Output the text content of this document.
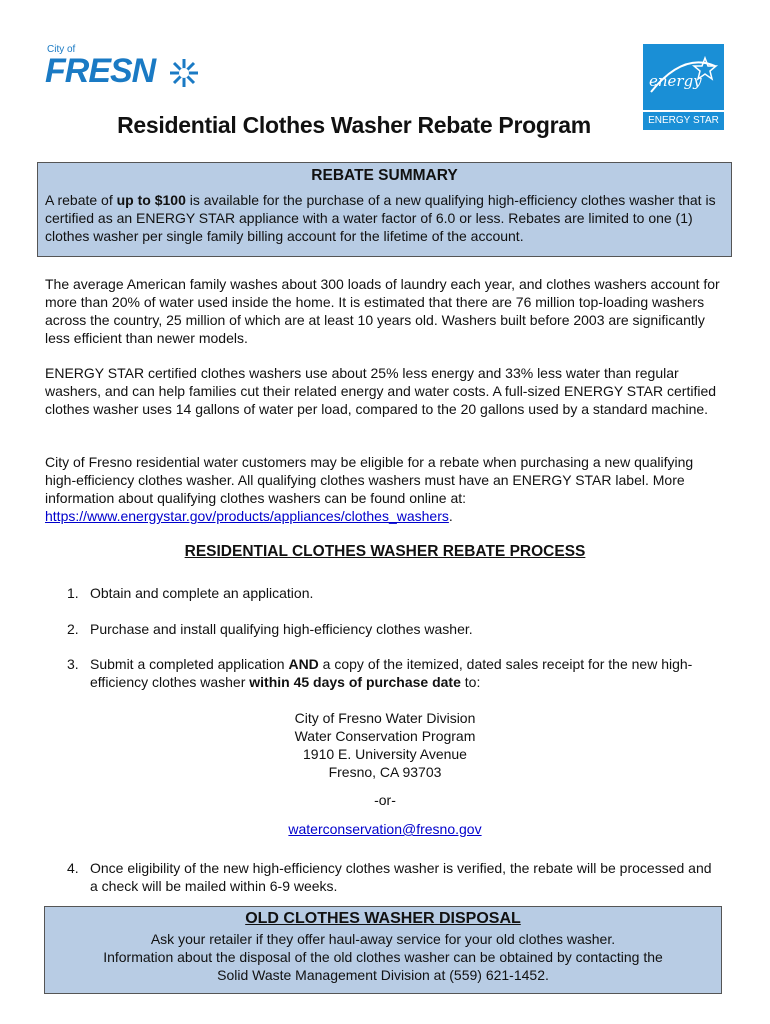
City of
FRESN	energy
ENERGY STAR
Residential Clothes Washer Rebate Program
REBATE SUMMARY

A rebate of up to $100 is available for the purchase of a new qualifying high-efficiency clothes washer that is certified as an ENERGY STAR appliance with a water factor of 6.0 or less. Rebates are limited to one (1) clothes washer per single family billing account for the lifetime of the account.

The average American family washes about 300 loads of laundry each year, and clothes washers account for more than 20% of water used inside the home. It is estimated that there are 76 million top-loading washers across the country, 25 million of which are at least 10 years old. Washers built before 2003 are significantly less efficient than newer models.

ENERGY STAR certified clothes washers use about 25% less energy and 33% less water than regular washers, and can help families cut their related energy and water costs. A full-sized ENERGY STAR certified clothes washer uses 14 gallons of water per load, compared to the 20 gallons used by a standard machine.

City of Fresno residential water customers may be eligible for a rebate when purchasing a new qualifying high-efficiency clothes washer. All qualifying clothes washers must have an ENERGY STAR label. More information about qualifying clothes washers can be found online at: https://www.energystar.gov/products/appliances/clothes_washers.

RESIDENTIAL CLOTHES WASHER REBATE PROCESS
1. Obtain and complete an application.
2. Purchase and install qualifying high-efficiency clothes washer.
3. Submit a completed application AND a copy of the itemized, dated sales receipt for the new high-efficiency clothes washer within 45 days of purchase date to:
City of Fresno Water Division
Water Conservation Program
1910 E. University Avenue
Fresno, CA 93703
-or-
waterconservation@fresno.gov
4. Once eligibility of the new high-efficiency clothes washer is verified, the rebate will be processed and a check will be mailed within 6-9 weeks.
OLD CLOTHES WASHER DISPOSAL

Ask your retailer if they offer haul-away service for your old clothes washer.

Information about the disposal of the old clothes washer can be obtained by contacting the

Solid Waste Management Division at (559) 621-1452.
